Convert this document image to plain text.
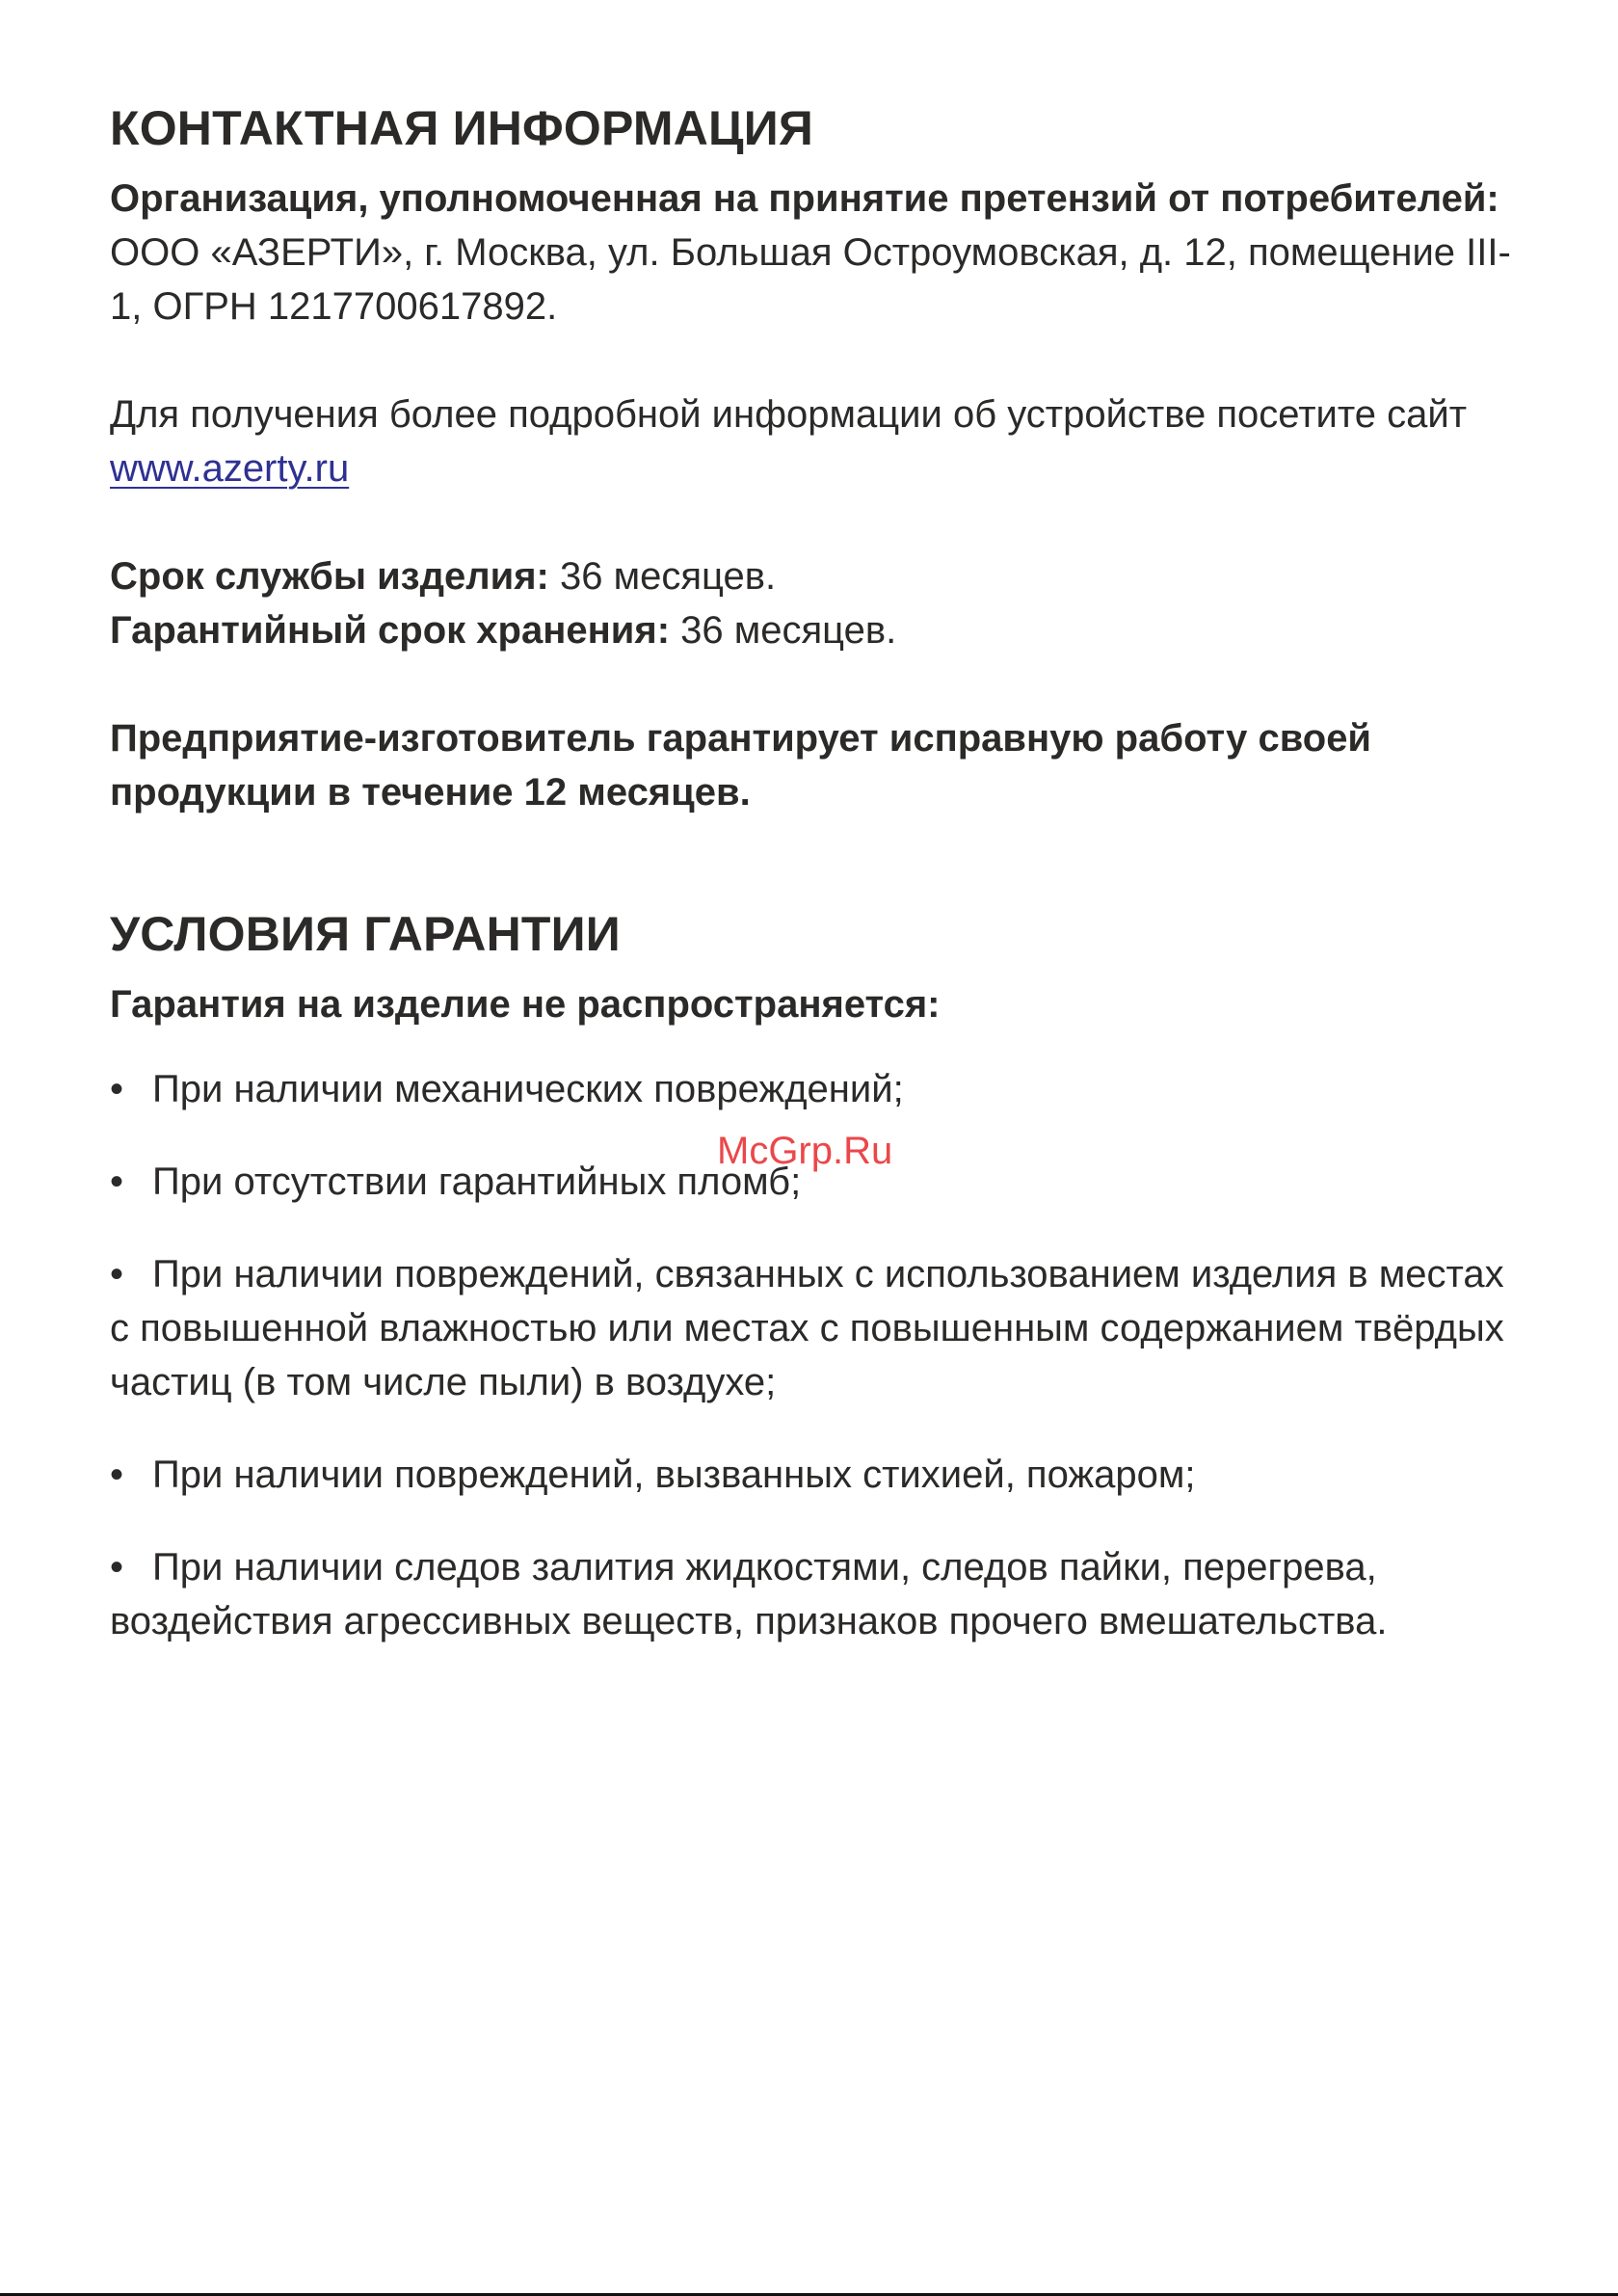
КОНТАКТНАЯ ИНФОРМАЦИЯ

Организация, уполномоченная на принятие претензий от потребителей:

ООО «АЗЕРТИ», г. Москва, ул. Большая Остроумовская, д. 12, помещение III-1, ОГРН 1217700617892.

Для получения более подробной информации об устройстве посетите сайт www.azerty.ru

Срок службы изделия: 36 месяцев.

Гарантийный срок хранения: 36 месяцев.

Предприятие-изготовитель гарантирует исправную работу своей продукции в течение 12 месяцев.

УСЛОВИЯ ГАРАНТИИ

Гарантия на изделие не распространяется:

• При наличии механических повреждений;

• При отсутствии гарантийных пломб;

• При наличии повреждений, связанных с использованием изделия в местах с повышенной влажностью или местах с повышенным содержанием твёрдых частиц (в том числе пыли) в воздухе;

• При наличии повреждений, вызванных стихией, пожаром;

• При наличии следов залития жидкостями, следов пайки, перегрева, воздействия агрессивных веществ, признаков прочего вмешательства.

McGrp.Ru
